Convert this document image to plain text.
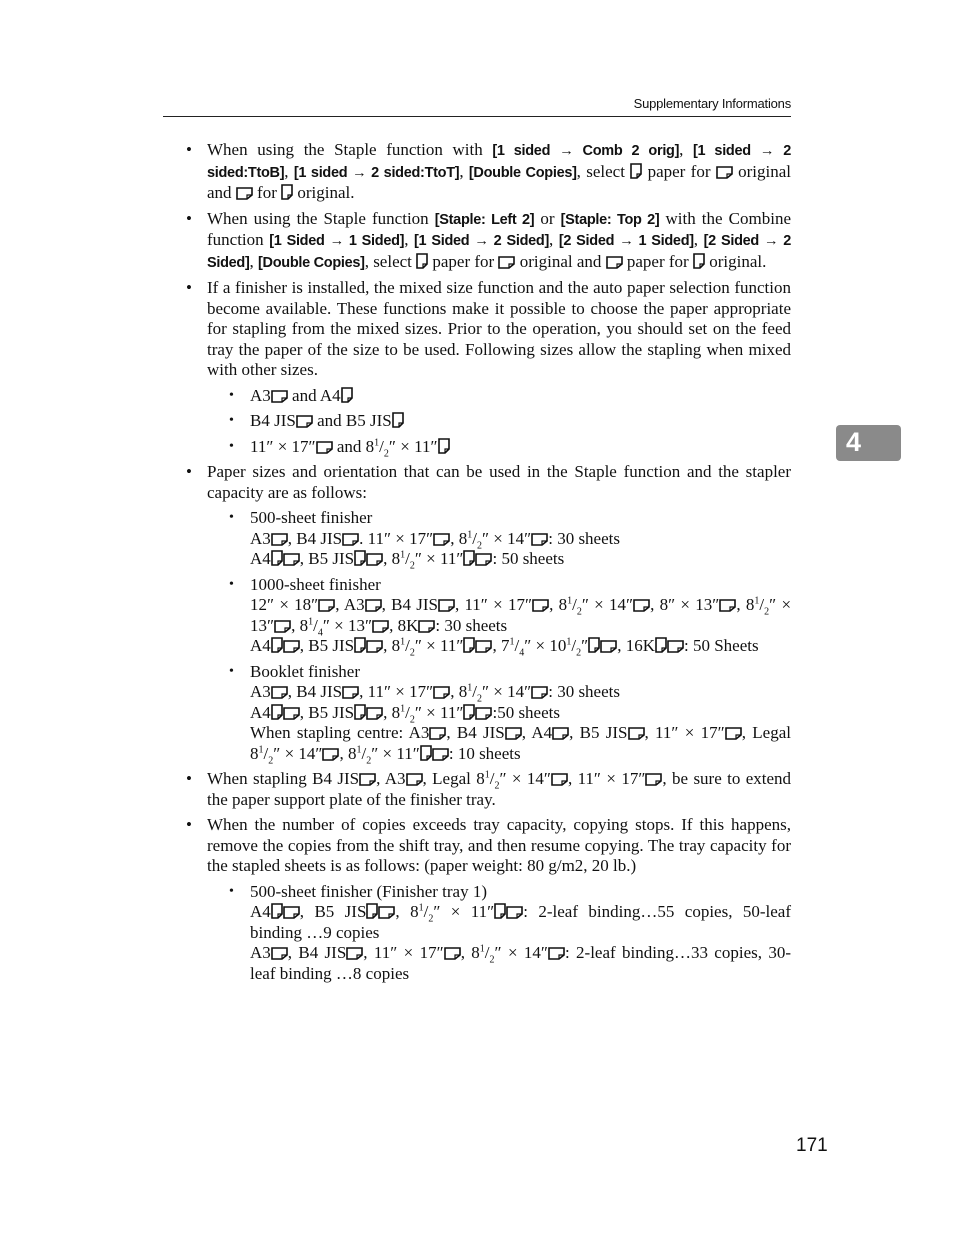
Supplementary Informations
4
• When using the Staple function with [1 sided → Comb 2 orig], [1 sided → 2 sided:TtoB], [1 sided → 2 sided:TtoT], [Double Copies], select  paper for  original and  for  original.
• When using the Staple function [Staple: Left 2] or [Staple: Top 2] with the Combine function [1 Sided → 1 Sided], [1 Sided → 2 Sided], [2 Sided → 1 Sided], [2 Sided → 2 Sided], [Double Copies], select  paper for  original and  paper for  original.
• If a finisher is installed, the mixed size function and the auto paper selection function become available. These functions make it possible to choose the paper appropriate for stapling from the mixed sizes. Prior to the operation, you should set on the feed tray the paper of the size to be used. Following sizes allow the stapling when mixed with other sizes.
• A3 and A4
• B4 JIS and B5 JIS
• 11″ × 17″ and $8^1/_2'' \times 11''$
• Paper sizes and orientation that can be used in the Staple function and the stapler capacity are as follows:
• 500-sheet finisher
A3 , B4 JIS . 11″ × 17″ , $8^1/_2'' \times 14''$ : 30 sheets
A4 , B5 JIS , $8^1/_2'' \times 11''$ : 50 sheets
• 1000-sheet finisher
12″ × 18″ , A3 , B4 JIS , 11″ × 17″ , $8^1/_2'' \times 14''$ , 8″ × 13″ , $8^1/_2'' \times 13''$ , $8^1/_4'' \times 13''$ , 8K : 30 sheets
A4 , B5 JIS , $8^1/_2'' \times 11''$ , $7^1/_4'' \times 10^1/_2''$ , 16K : 50 Sheets
• Booklet finisher
A3 , B4 JIS , 11″ × 17″ , $8^1/_2'' \times 14''$ : 30 sheets
A4 , B5 JIS , $8^1/_2'' \times 11''$ :50 sheets
When stapling centre: A3 , B4 JIS , A4 , B5 JIS , 11″ × 17″ , Legal $8^1/_2'' \times 14''$ , $8^1/_2'' \times 11''$ : 10 sheets
• When stapling B4 JIS , A3 , Legal $8^1/_2'' \times 14''$ , 11″ × 17″ , be sure to extend the paper support plate of the finisher tray.
• When the number of copies exceeds tray capacity, copying stops. If this happens, remove the copies from the shift tray, and then resume copying. The tray capacity for the stapled sheets is as follows: (paper weight: 80 g/m2, 20 lb.)
• 500-sheet finisher (Finisher tray 1)
A4 , B5 JIS , $8^1/_2'' \times 11''$ : 2-leaf binding…55 copies, 50-leaf binding …9 copies
A3 , B4 JIS , 11″ × 17″ , $8^1/_2'' \times 14''$ : 2-leaf binding…33 copies, 30-leaf binding …8 copies
171
